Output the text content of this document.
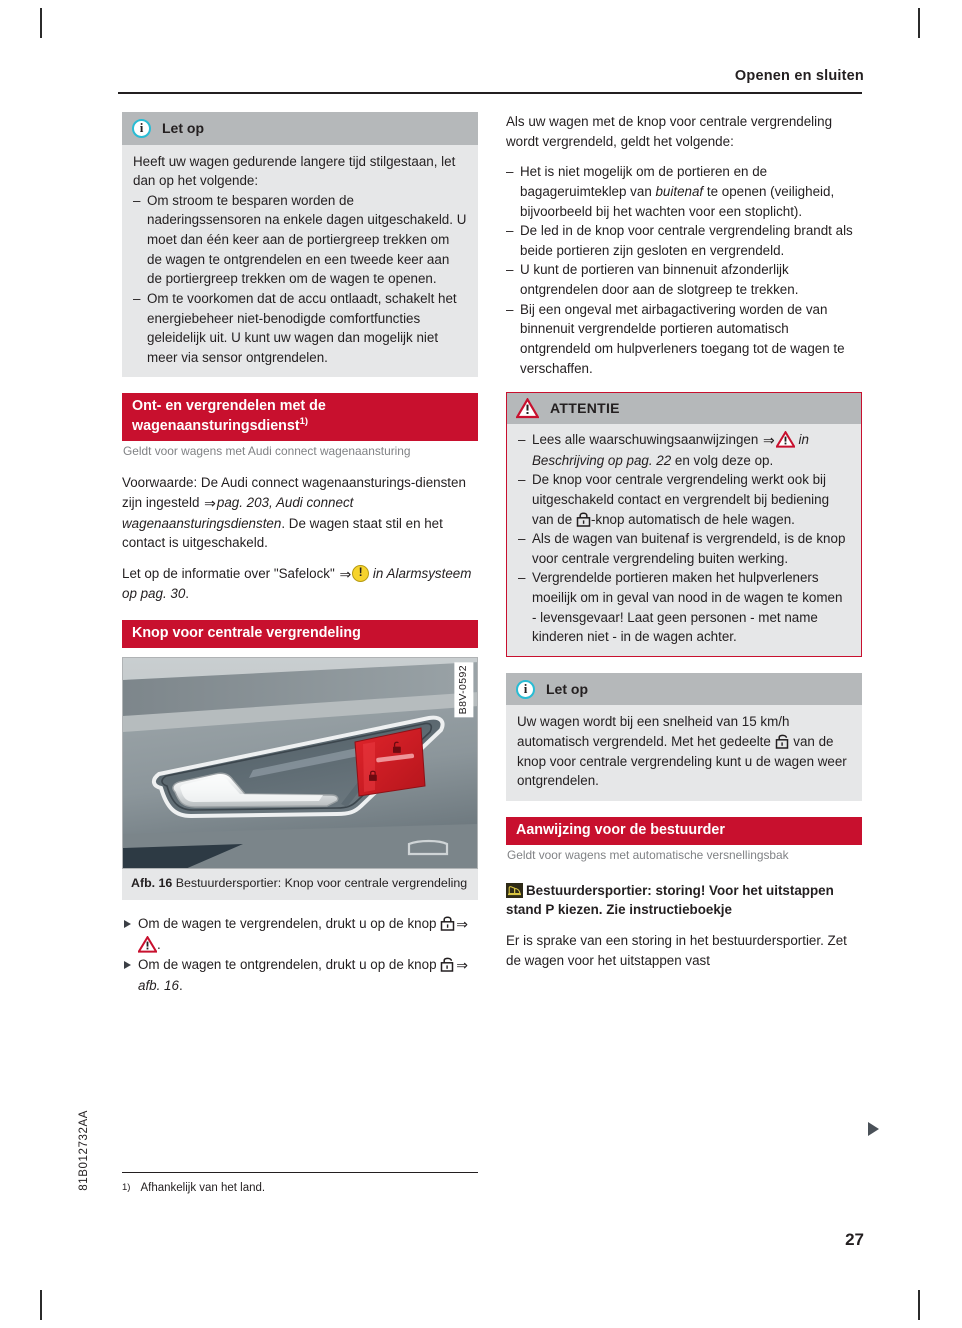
Openen en sluiten
81B012732AA
27
i
Let op

Heeft uw wagen gedurende langere tijd stilgestaan, let dan op het volgende:

– Om stroom te besparen worden de naderingssensoren na enkele dagen uitgeschakeld. U moet dan één keer aan de portiergreep trekken om de wagen te ontgrendelen en een tweede keer aan de portiergreep trekken om de wagen te openen.
– Om te voorkomen dat de accu ontlaadt, schakelt het energiebeheer niet-benodigde comfortfuncties geleidelijk uit. U kunt uw wagen dan mogelijk niet meer via sensor ontgrendelen.
Ont- en vergrendelen met de wagenaansturingsdienst$^{1)}$
Geldt voor wagens met Audi connect wagenaansturing

Voorwaarde: De Audi connect wagenaansturings-diensten zijn ingesteld ⇒pag. 203, Audi connect wagenaansturingsdiensten. De wagen staat stil en het contact is uitgeschakeld.

Let op de informatie over "Safelock" ⇒ ! in Alarmsysteem op pag. 30.

Knop voor centrale vergrendeling
B8V-0592
Afb. 16 Bestuurdersportier: Knop voor centrale vergrendeling
Om de wagen te vergrendelen, drukt u op de knop ⇒.
Om de wagen te ontgrendelen, drukt u op de knop ⇒afb. 16.
1) Afhankelijk van het land.

Als uw wagen met de knop voor centrale vergrendeling wordt vergrendeld, geldt het volgende:

– Het is niet mogelijk om de portieren en de bagageruimteklep van buitenaf te openen (veiligheid, bijvoorbeeld bij het wachten voor een stoplicht).
– De led in de knop voor centrale vergrendeling brandt als beide portieren zijn gesloten en vergrendeld.
– U kunt de portieren van binnenuit afzonderlijk ontgrendelen door aan de slotgreep te trekken.
– Bij een ongeval met airbagactivering worden de van binnenuit vergrendelde portieren automatisch ontgrendeld om hulpverleners toegang tot de wagen te verschaffen.
ATTENTIE
– Lees alle waarschuwingsaanwijzingen ⇒ in Beschrijving op pag. 22 en volg deze op.
– De knop voor centrale vergrendeling werkt ook bij uitgeschakeld contact en vergrendelt bij bediening van de -knop automatisch de hele wagen.
– Als de wagen van buitenaf is vergrendeld, is de knop voor centrale vergrendeling buiten werking.
– Vergrendelde portieren maken het hulpverleners moeilijk om in geval van nood in de wagen te komen - levensgevaar! Laat geen personen - met name kinderen niet - in de wagen achter.
i
Let op

Uw wagen wordt bij een snelheid van 15 km/h automatisch vergrendeld. Met het gedeelte  van de knop voor centrale vergrendeling kunt u de wagen weer ontgrendelen.

Aanwijzing voor de bestuurder
Geldt voor wagens met automatische versnellingsbak

Bestuurdersportier: storing! Voor het uitstappen stand P kiezen. Zie instructieboekje

Er is sprake van een storing in het bestuurdersportier. Zet de wagen voor het uitstappen vast
